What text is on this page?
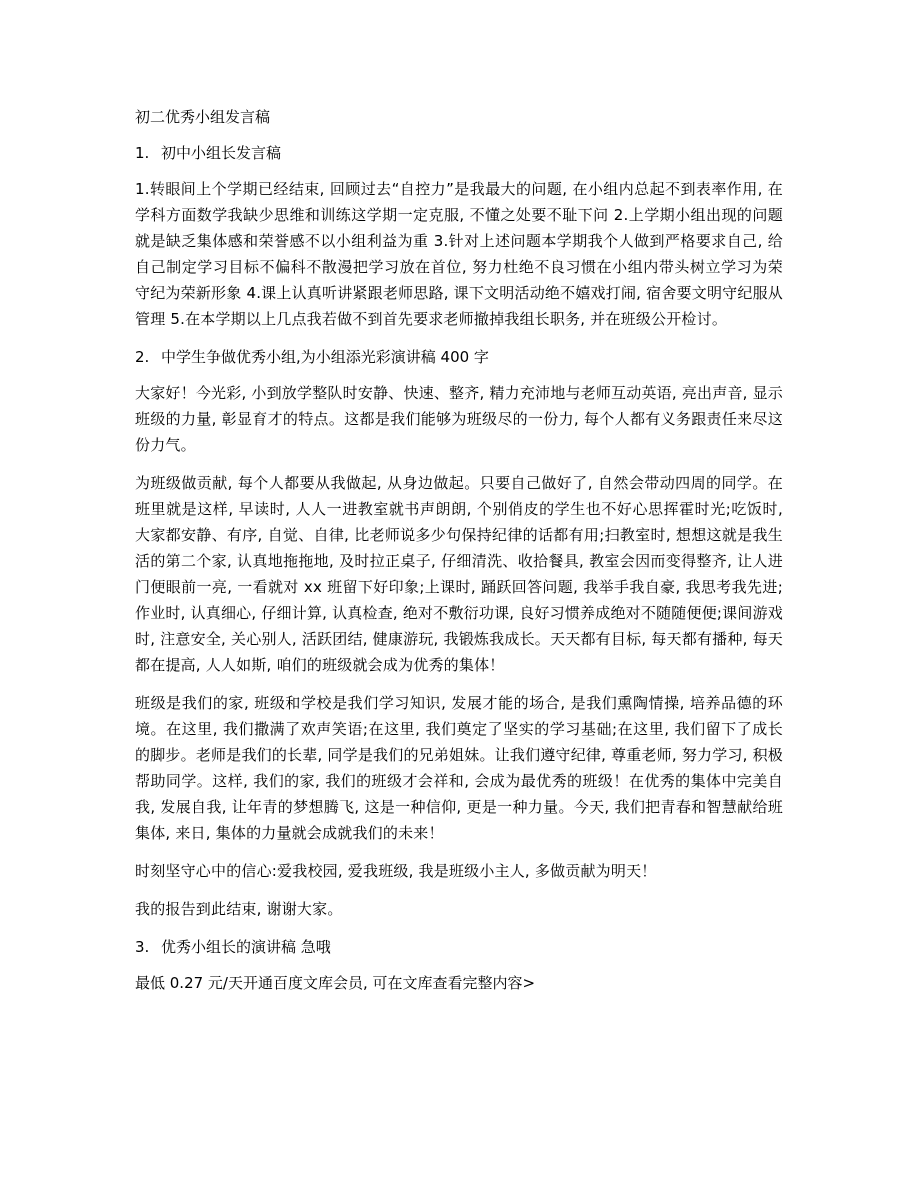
初二优秀小组发言稿

1. 初中小组长发言稿

1.转眼间上个学期已经结束, 回顾过去“自控力”是我最大的问题, 在小组内总起不到表率作用, 在学科方面数学我缺少思维和训练这学期一定克服, 不懂之处要不耻下问 2.上学期小组出现的问题就是缺乏集体感和荣誉感不以小组利益为重 3.针对上述问题本学期我个人做到严格要求自己, 给自己制定学习目标不偏科不散漫把学习放在首位, 努力杜绝不良习惯在小组内带头树立学习为荣守纪为荣新形象 4.课上认真听讲紧跟老师思路, 课下文明活动绝不嬉戏打闹, 宿舍要文明守纪服从管理 5.在本学期以上几点我若做不到首先要求老师撤掉我组长职务, 并在班级公开检讨。

2. 中学生争做优秀小组,为小组添光彩演讲稿 400 字

大家好！今光彩, 小到放学整队时安静、快速、整齐, 精力充沛地与老师互动英语, 亮出声音, 显示班级的力量, 彰显育才的特点。这都是我们能够为班级尽的一份力, 每个人都有义务跟责任来尽这份力气。

为班级做贡献, 每个人都要从我做起, 从身边做起。只要自己做好了, 自然会带动四周的同学。在班里就是这样, 早读时, 人人一进教室就书声朗朗, 个别俏皮的学生也不好心思挥霍时光;吃饭时, 大家都安静、有序, 自觉、自律, 比老师说多少句保持纪律的话都有用;扫教室时, 想想这就是我生活的第二个家, 认真地拖拖地, 及时拉正桌子, 仔细清洗、收拾餐具, 教室会因而变得整齐, 让人进门便眼前一亮, 一看就对 xx 班留下好印象;上课时, 踊跃回答问题, 我举手我自豪, 我思考我先进;作业时, 认真细心, 仔细计算, 认真检查, 绝对不敷衍功课, 良好习惯养成绝对不随随便便;课间游戏时, 注意安全, 关心别人, 活跃团结, 健康游玩, 我锻炼我成长。天天都有目标, 每天都有播种, 每天都在提高, 人人如斯, 咱们的班级就会成为优秀的集体！

班级是我们的家, 班级和学校是我们学习知识, 发展才能的场合, 是我们熏陶情操, 培养品德的环境。在这里, 我们撒满了欢声笑语;在这里, 我们奠定了坚实的学习基础;在这里, 我们留下了成长的脚步。老师是我们的长辈, 同学是我们的兄弟姐妹。让我们遵守纪律, 尊重老师, 努力学习, 积极帮助同学。这样, 我们的家, 我们的班级才会祥和, 会成为最优秀的班级！在优秀的集体中完美自我, 发展自我, 让年青的梦想腾飞, 这是一种信仰, 更是一种力量。今天, 我们把青春和智慧献给班集体, 来日, 集体的力量就会成就我们的未来！

时刻坚守心中的信心:爱我校园, 爱我班级, 我是班级小主人, 多做贡献为明天！

我的报告到此结束, 谢谢大家。

3. 优秀小组长的演讲稿 急哦

最低 0.27 元/天开通百度文库会员, 可在文库查看完整内容>
